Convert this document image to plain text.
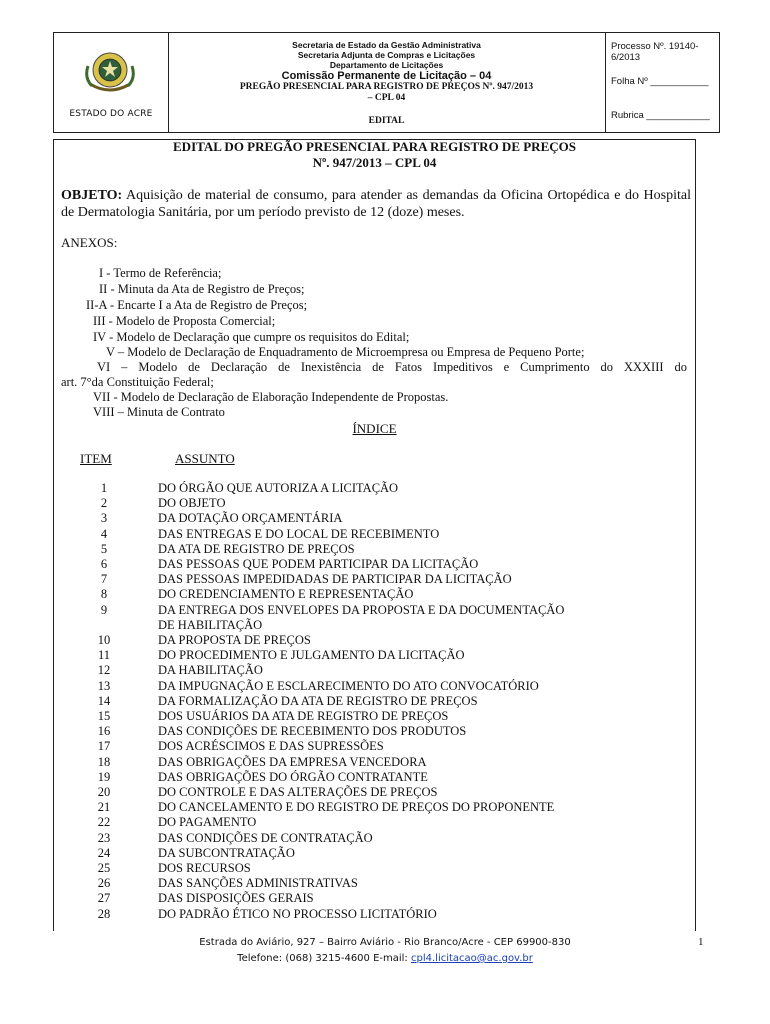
ESTADO DO ACRE
Secretaria de Estado da Gestão Administrativa
Secretaria Adjunta de Compras e Licitações
Departamento de Licitações
Comissão Permanente de Licitação – 04
PREGÃO PRESENCIAL PARA REGISTRO DE PREÇOS Nº. 947/2013
– CPL 04
EDITAL
Processo Nº. 19140-6/2013
Folha Nº ___________
Rubrica ____________
EDITAL DO PREGÃO PRESENCIAL PARA REGISTRO DE PREÇOS
Nº. 947/2013 – CPL 04
OBJETO: Aquisição de material de consumo, para atender as demandas da Oficina Ortopédica e do Hospital de Dermatologia Sanitária, por um período previsto de 12 (doze) meses.
ANEXOS:
I - Termo de Referência;
II - Minuta da Ata de Registro de Preços;
II-A - Encarte I a Ata de Registro de Preços;
III - Modelo de Proposta Comercial;
IV - Modelo de Declaração que cumpre os requisitos do Edital;
V – Modelo de Declaração de Enquadramento de Microempresa ou Empresa de Pequeno Porte;
VI – Modelo de Declaração de Inexistência de Fatos Impeditivos e Cumprimento do XXXIII do
art. 7°da Constituição Federal;
VII - Modelo de Declaração de Elaboração Independente de Propostas.
VIII – Minuta de Contrato
ÍNDICE
ITEM	ASSUNTO
1	DO ÓRGÃO QUE AUTORIZA A LICITAÇÃO
2	DO OBJETO
3	DA DOTAÇÃO ORÇAMENTÁRIA
4	DAS ENTREGAS E DO LOCAL DE RECEBIMENTO
5	DA ATA DE REGISTRO DE PREÇOS
6	DAS PESSOAS QUE PODEM PARTICIPAR DA LICITAÇÃO
7	DAS PESSOAS IMPEDIDADAS DE PARTICIPAR DA LICITAÇÃO
8	DO CREDENCIAMENTO E REPRESENTAÇÃO
9	DA ENTREGA DOS ENVELOPES DA PROPOSTA E DA DOCUMENTAÇÃO
DE HABILITAÇÃO
10	DA PROPOSTA DE PREÇOS
11	DO PROCEDIMENTO E JULGAMENTO DA LICITAÇÃO
12	DA HABILITAÇÃO
13	DA IMPUGNAÇÃO E ESCLARECIMENTO DO ATO CONVOCATÓRIO
14	DA FORMALIZAÇÃO DA ATA DE REGISTRO DE PREÇOS
15	DOS USUÁRIOS DA ATA DE REGISTRO DE PREÇOS
16	DAS CONDIÇÕES DE RECEBIMENTO DOS PRODUTOS
17	DOS ACRÉSCIMOS E DAS SUPRESSÕES
18	DAS OBRIGAÇÕES DA EMPRESA VENCEDORA
19	DAS OBRIGAÇÕES DO ÓRGÃO CONTRATANTE
20	DO CONTROLE E DAS ALTERAÇÕES DE PREÇOS
21	DO CANCELAMENTO E DO REGISTRO DE PREÇOS DO PROPONENTE
22	DO PAGAMENTO
23	DAS CONDIÇÕES DE CONTRATAÇÃO
24	DA SUBCONTRATAÇÃO
25	DOS RECURSOS
26	DAS SANÇÕES ADMINISTRATIVAS
27	DAS DISPOSIÇÕES GERAIS
28	DO PADRÃO ÉTICO NO PROCESSO LICITATÓRIO
Estrada do Aviário, 927 – Bairro Aviário - Rio Branco/Acre - CEP 69900-830
Telefone: (068) 3215-4600 E-mail: cpl4.licitacao@ac.gov.br
1
